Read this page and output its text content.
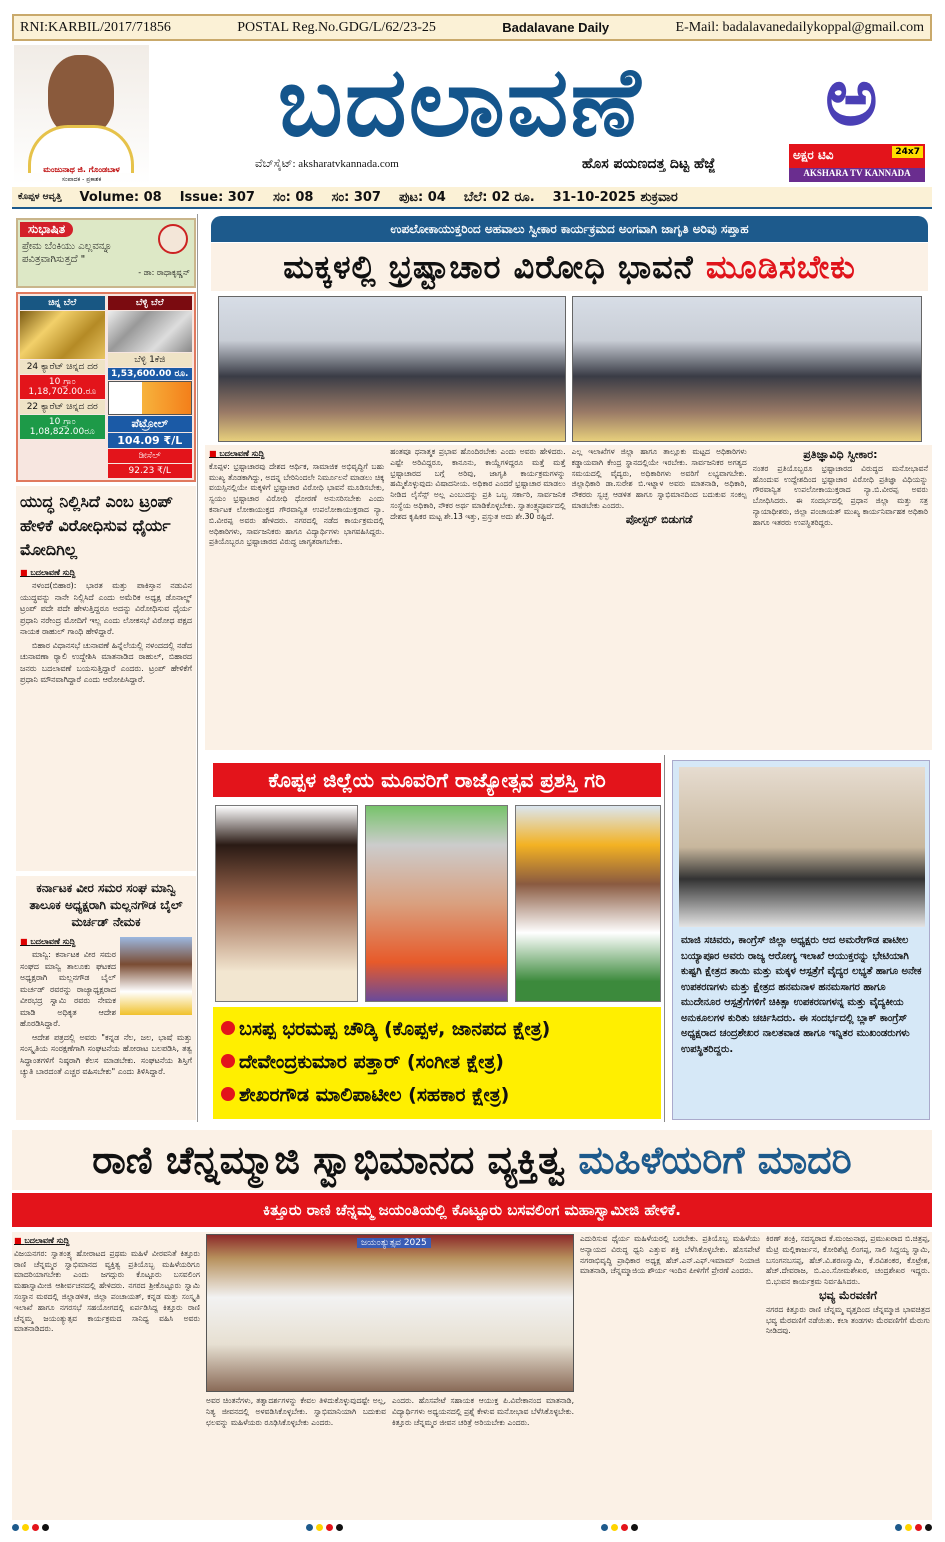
RNI:KARBIL/2017/71856	POSTAL Reg.No.GDG/L/62/23-25	Badalavane Daily	E-Mail: badalavanedailykoppal@gmail.com
ಮಂಜುನಾಥ ಜಿ. ಗೊಂಡಬಾಳ
ಸಂಪಾದಕ - ಪ್ರಕಾಶಕ
ಬದಲಾವಣೆ
ವೆಬ್‌ಸೈಟ್: aksharatvkannada.com	ಹೊಸ ಪಯಣದತ್ತ ದಿಟ್ಟ ಹೆಜ್ಜೆ
ಅ
ಅಕ್ಷರ ಟಿವಿ	24x7
AKSHARA TV KANNADA
ಕೊಪ್ಪಳ ಆವೃತ್ತಿ Volume: 08 Issue: 307 ಸಂ: 08 ಸಂ: 307 ಪುಟ: 04 ಬೆಲೆ: 02 ರೂ. 31-10-2025 ಶುಕ್ರವಾರ
ಸುಭಾಷಿತ
ಪ್ರೇಮ ಬೆಂಕಿಯು ಎಲ್ಲವನ್ನೂ ಪವಿತ್ರವಾಗಿಸುತ್ತದೆ "
- ಡಾ: ರಾಧಾಕೃಷ್ಣನ್
ಚಿನ್ನ ಬೆಲೆ
24 ಕ್ಯಾರೆಟ್ ಚಿನ್ನದ ದರ
10 ಗ್ರಾಂ 1,18,702.00.ರೂ
22 ಕ್ಯಾರೆಟ್ ಚಿನ್ನದ ದರ
10 ಗ್ರಾಂ 1,08,822.00ರೂ
ಬೆಳ್ಳಿ ಬೆಲೆ
ಬೆಳ್ಳಿ 1ಕೆಜಿ
1,53,600.00 ರೂ.
ಪೆಟ್ರೋಲ್
104.09 ₹/L
ಡೀಸೆಲ್
92.23 ₹/L
ಯುದ್ಧ ನಿಲ್ಲಿಸಿದೆ ಎಂಬ ಟ್ರಂಪ್ ಹೇಳಿಕೆ ವಿರೋಧಿಸುವ ಧೈರ್ಯ ಮೋದಿಗಿಲ್ಲ
■ ಬದಲಾವಣೆ ಸುದ್ದಿ

ನಳಂದ(ಬಿಹಾರ): ಭಾರತ ಮತ್ತು ಪಾಕಿಸ್ತಾನ ನಡುವಿನ ಯುದ್ಧವನ್ನು ನಾನೇ ನಿಲ್ಲಿಸಿದೆ ಎಂದು ಅಮೆರಿಕ ಅಧ್ಯಕ್ಷ ಡೊನಾಲ್ಡ್ ಟ್ರಂಪ್ ಪದೇ ಪದೇ ಹೇಳುತ್ತಿದ್ದರೂ ಅದನ್ನು ವಿರೋಧಿಸುವ ಧೈರ್ಯ ಪ್ರಧಾನಿ ನರೇಂದ್ರ ಮೋದಿಗೆ ಇಲ್ಲ ಎಂದು ಲೋಕಸಭೆ ವಿರೋಧ ಪಕ್ಷದ ನಾಯಕ ರಾಹುಲ್ ಗಾಂಧಿ ಹೇಳಿದ್ದಾರೆ.

ಬಿಹಾರ ವಿಧಾನಸಭೆ ಚುನಾವಣೆ ಹಿನ್ನೆಲೆಯಲ್ಲಿ ನಳಂದದಲ್ಲಿ ನಡೆದ ಚುನಾವಣಾ ರ್‍ಯಾಲಿ ಉದ್ದೇಶಿಸಿ ಮಾತನಾಡಿದ ರಾಹುಲ್, ಬಿಹಾರದ ಜನರು ಬದಲಾವಣೆ ಬಯಸುತ್ತಿದ್ದಾರೆ ಎಂದರು. ಟ್ರಂಪ್ ಹೇಳಿಕೆಗೆ ಪ್ರಧಾನಿ ಮೌನವಾಗಿದ್ದಾರೆ ಎಂದು ಆರೋಪಿಸಿದ್ದಾರೆ.

ಕರ್ನಾಟಕ ವೀರ ಸಮರ ಸಂಘ ಮಾನ್ವಿ ತಾಲೂಕ ಅಧ್ಯಕ್ಷರಾಗಿ ಮಲ್ಲನಗೌಡ ಬೈಲ್ ಮರ್ಚಡ್ ನೇಮಕ
■ ಬದಲಾವಣೆ ಸುದ್ದಿ

ಮಾನ್ವಿ: ಕರ್ನಾಟಕ ವೀರ ಸಮರ ಸಂಘದ ಮಾನ್ವಿ ತಾಲೂಕು ಘಟಕದ ಅಧ್ಯಕ್ಷರಾಗಿ ಮಲ್ಲನಗೌಡ ಬೈಲ್ ಮರ್ಚಡ್ ರವರನ್ನು ರಾಜ್ಯಾಧ್ಯಕ್ಷರಾದ ವೀರಭದ್ರ ಸ್ವಾಮಿ ರವರು ನೇಮಕ ಮಾಡಿ ಅಧಿಕೃತ ಆದೇಶ ಹೊರಡಿಸಿದ್ದಾರೆ.

ಆದೇಶ ಪತ್ರದಲ್ಲಿ ಅವರು "ಕನ್ನಡ ನೆಲ, ಜಲ, ಭಾಷೆ ಮತ್ತು ಸಂಸ್ಕೃತಿಯ ಸಂರಕ್ಷಣೆಗಾಗಿ ಸಂಘಟನೆಯ ಹೋರಾಟ ಬಲಪಡಿಸಿ, ತತ್ವ ಸಿದ್ಧಾಂತಗಳಿಗೆ ನಿಷ್ಠರಾಗಿ ಕೆಲಸ ಮಾಡಬೇಕು. ಸಂಘಟನೆಯ ಶಿಸ್ತಿಗೆ ಚ್ಯುತಿ ಬಾರದಂತೆ ಎಚ್ಚರ ವಹಿಸಬೇಕು" ಎಂದು ತಿಳಿಸಿದ್ದಾರೆ.

ಉಪಲೋಕಾಯುಕ್ತರಿಂದ ಅಹವಾಲು ಸ್ವೀಕಾರ ಕಾರ್ಯಕ್ರಮದ ಅಂಗವಾಗಿ ಜಾಗೃತಿ ಅರಿವು ಸಪ್ತಾಹ
ಮಕ್ಕಳಲ್ಲಿ ಭ್ರಷ್ಟಾಚಾರ ವಿರೋಧಿ ಭಾವನೆ ಮೂಡಿಸಬೇಕು
■ ಬದಲಾವಣೆ ಸುದ್ದಿ
ಕೊಪ್ಪಳ: ಭ್ರಷ್ಟಾಚಾರವು ದೇಶದ ಆರ್ಥಿಕ, ಸಾಮಾಜಿಕ ಅಭಿವೃದ್ಧಿಗೆ ಬಹು ಮುಖ್ಯ ತೊಡಕಾಗಿದ್ದು, ಅದನ್ನ ಬೇರಿನಿಂದಲೇ ನಿರ್ಮೂಲನೆ ಮಾಡಲು ಚಿಕ್ಕ ವಯಸ್ಸಿನಲ್ಲಿಯೇ ಮಕ್ಕಳಿಗೆ ಭ್ರಷ್ಟಾಚಾರ ವಿರೋಧಿ ಭಾವನೆ ಮೂಡಿಸಬೇಕು, ಸ್ವಯಂ ಭ್ರಷ್ಟಾಚಾರ ವಿರೋಧಿ ಧೋರಣೆ ಅನುಸರಿಸಬೇಕು ಎಂದು ಕರ್ನಾಟಕ ಲೋಕಾಯುಕ್ತದ ಗೌರವಾನ್ವಿತ ಉಪಲೋಕಾಯುಕ್ತರಾದ ನ್ಯಾ. ಬಿ.ವೀರಪ್ಪ ಅವರು ಹೇಳಿದರು. ನಗರದಲ್ಲಿ ನಡೆದ ಕಾರ್ಯಕ್ರಮದಲ್ಲಿ ಅಧಿಕಾರಿಗಳು, ಸಾರ್ವಜನಿಕರು ಹಾಗೂ ವಿದ್ಯಾರ್ಥಿಗಳು ಭಾಗವಹಿಸಿದ್ದರು. ಪ್ರತಿಯೊಬ್ಬರೂ ಭ್ರಷ್ಟಾಚಾರದ ವಿರುದ್ಧ ಜಾಗೃತರಾಗಬೇಕು.
ಹಂತವೂ ಧನಾತ್ಮಕ ಪ್ರಭಾವ ಹೊಂದಿರಬೇಕು ಎಂದು ಅವರು ಹೇಳಿದರು. ಎಷ್ಟೇ ಅರಿವಿದ್ದರೂ, ಕಾನೂನು, ಕಾಯ್ದೆಗಳಿದ್ದರೂ ಮತ್ತೆ ಮತ್ತೆ ಭ್ರಷ್ಟಾಚಾರದ ಬಗ್ಗೆ ಅರಿವು, ಜಾಗೃತಿ ಕಾರ್ಯಕ್ರಮಗಳನ್ನು ಹಮ್ಮಿಕೊಳ್ಳುವುದು ವಿಷಾದನೀಯ. ಅಧಿಕಾರ ಎಂದರೆ ಭ್ರಷ್ಟಾಚಾರ ಮಾಡಲು ನೀಡಿದ ಲೈಸೆನ್ಸ್ ಅಲ್ಲ ಎಂಬುದನ್ನು ಪ್ರತಿ ಒಬ್ಬ ಸರ್ಕಾರಿ, ಸಾರ್ವಜನಿಕ ಸಂಸ್ಥೆಯ ಅಧಿಕಾರಿ, ನೌಕರ ಅರ್ಥ ಮಾಡಿಕೊಳ್ಳಬೇಕು. ಸ್ವಾತಂತ್ರ್ಯಪೂರ್ವದಲ್ಲಿ ದೇಶದ ಕೃಷಿಕರ ಮಟ್ಟ ಶೇ.13 ಇತ್ತು, ಪ್ರಸ್ತುತ ಅದು ಶೇ.30 ರಷ್ಟಿದೆ.
ಎಲ್ಲ ಇಲಾಖೆಗಳ ಜಿಲ್ಲಾ ಹಾಗೂ ತಾಲ್ಲೂಕು ಮಟ್ಟದ ಅಧಿಕಾರಿಗಳು ಕಡ್ಡಾಯವಾಗಿ ಕೇಂದ್ರ ಸ್ಥಾನದಲ್ಲಿಯೇ ಇರಬೇಕು. ಸಾರ್ವಜನಿಕರ ಅಗತ್ಯದ ಸಮಯದಲ್ಲಿ ವೈದ್ಯರು, ಅಧಿಕಾರಿಗಳು ಅವರಿಗೆ ಲಭ್ಯವಾಗಬೇಕು. ಜಿಲ್ಲಾಧಿಕಾರಿ ಡಾ.ಸುರೇಶ ಬಿ.ಇಟ್ನಾಳ ಅವರು ಮಾತನಾಡಿ, ಅಧಿಕಾರಿ, ನೌಕರರು ಸ್ವಚ್ಛ ಆಡಳಿತ ಹಾಗೂ ಸ್ವಾಭಿಮಾನದಿಂದ ಬದುಕುವ ಸಂಕಲ್ಪ ಮಾಡಬೇಕು ಎಂದರು.
ಪೋಸ್ಟರ್ ಬಿಡುಗಡೆ
ಪ್ರತಿಜ್ಞಾವಿಧಿ ಸ್ವೀಕಾರ:
ನಂತರ ಪ್ರತಿಯೊಬ್ಬರೂ ಭ್ರಷ್ಟಾಚಾರದ ವಿರುದ್ಧದ ಮನೋಭಾವನೆ ಹೊಂದುವ ಉದ್ದೇಶದಿಂದ ಭ್ರಷ್ಟಾಚಾರ ವಿರೋಧಿ ಪ್ರತಿಜ್ಞಾ ವಿಧಿಯನ್ನು ಗೌರವಾನ್ವಿತ ಉಪಲೋಕಾಯುಕ್ತರಾದ ನ್ಯಾ.ಬಿ.ವೀರಪ್ಪ ಅವರು ಬೋಧಿಸಿದರು. ಈ ಸಂದರ್ಭದಲ್ಲಿ ಪ್ರಧಾನ ಜಿಲ್ಲಾ ಮತ್ತು ಸತ್ರ ನ್ಯಾಯಾಧೀಶರು, ಜಿಲ್ಲಾ ಪಂಚಾಯತ್ ಮುಖ್ಯ ಕಾರ್ಯನಿರ್ವಾಹಕ ಅಧಿಕಾರಿ ಹಾಗೂ ಇತರರು ಉಪಸ್ಥಿತರಿದ್ದರು.
ಕೊಪ್ಪಳ ಜಿಲ್ಲೆಯ ಮೂವರಿಗೆ ರಾಜ್ಯೋತ್ಸವ ಪ್ರಶಸ್ತಿ ಗರಿ
ಬಸಪ್ಪ ಭರಮಪ್ಪ ಚೌಡ್ಕಿ (ಕೊಪ್ಪಳ, ಜಾನಪದ ಕ್ಷೇತ್ರ)
ದೇವೇಂದ್ರಕುಮಾರ ಪತ್ತಾರ್ (ಸಂಗೀತ ಕ್ಷೇತ್ರ)
ಶೇಖರಗೌಡ ಮಾಲಿಪಾಟೀಲ (ಸಹಕಾರ ಕ್ಷೇತ್ರ)
ಮಾಜಿ ಸಚಿವರು, ಕಾಂಗ್ರೆಸ್ ಜಿಲ್ಲಾ ಅಧ್ಯಕ್ಷರು ಆದ ಅಮರೇಗೌಡ ಪಾಟೀಲ ಬಯ್ಯಾಪೂರ ಅವರು ರಾಜ್ಯ ಆರೋಗ್ಯ ಇಲಾಖೆ ಆಯುಕ್ತರನ್ನು ಭೇಟಿಯಾಗಿ ಕುಷ್ಟಗಿ ಕ್ಷೇತ್ರದ ತಾಯಿ ಮತ್ತು ಮಕ್ಕಳ ಆಸ್ಪತ್ರೆಗೆ ವೈದ್ಯರ ಲಭ್ಯತೆ ಹಾಗೂ ಅನೇಕ ಉಪಕರಣಗಳು ಮತ್ತು ಕ್ಷೇತ್ರದ ಹನಮನಾಳ ಹನಮಸಾಗರ ಹಾಗೂ ಮುದೇನೂರ ಆಸ್ಪತ್ರೆಗೆಗಳಿಗೆ ಚಿಕಿತ್ಸಾ ಉಪಕರಣಗಳನ್ನ ಮತ್ತು ವೈದ್ಯಕೀಯ ಅನುಕೂಲಗಳ ಕುರಿತು ಚರ್ಚಿಸಿದರು. ಈ ಸಂದರ್ಭದಲ್ಲಿ ಬ್ಲಾಕ್ ಕಾಂಗ್ರೆಸ್ ಅಧ್ಯಕ್ಷರಾದ ಚಂದ್ರಶೇಖರ ನಾಲತವಾಡ ಹಾಗೂ ಇನ್ನಿತರ ಮುಖಂಡರುಗಳು ಉಪಸ್ಥಿತರಿದ್ದರು.
ರಾಣಿ ಚೆನ್ನಮ್ಮಾಜಿ ಸ್ವಾಭಿಮಾನದ ವ್ಯಕ್ತಿತ್ವ ಮಹಿಳೆಯರಿಗೆ ಮಾದರಿ
ಕಿತ್ತೂರು ರಾಣಿ ಚೆನ್ನಮ್ಮ ಜಯಂತಿಯಲ್ಲಿ ಕೊಟ್ಟೂರು ಬಸವಲಿಂಗ ಮಹಾಸ್ವಾಮೀಜಿ ಹೇಳಿಕೆ.
■ ಬದಲಾವಣೆ ಸುದ್ದಿ
ವಿಜಯನಗರ: ಸ್ವಾತಂತ್ರ್ಯ ಹೋರಾಟದ ಪ್ರಥಮ ಮಹಿಳೆ ವೀರವನಿತೆ ಕಿತ್ತೂರು ರಾಣಿ ಚೆನ್ನಮ್ಮರ ಸ್ವಾಭಿಮಾನದ ವ್ಯಕ್ತಿತ್ವ ಪ್ರತಿಯೊಬ್ಬ ಮಹಿಳೆಯರಿಗೂ ಮಾದರಿಯಾಗಬೇಕು ಎಂದು ಜಗದ್ಗುರು ಕೊಟ್ಟೂರು ಬಸವಲಿಂಗ ಮಹಾಸ್ವಾಮೀಜಿ ಆಶೀರ್ವಚನದಲ್ಲಿ ಹೇಳಿದರು. ನಗರದ ಶ್ರೀಕೊಟ್ಟೂರು ಸ್ವಾಮಿ ಸಂಸ್ಥಾನ ಮಠದಲ್ಲಿ ಜಿಲ್ಲಾಡಳಿತ, ಜಿಲ್ಲಾ ಪಂಚಾಯತ್, ಕನ್ನಡ ಮತ್ತು ಸಂಸ್ಕೃತಿ ಇಲಾಖೆ ಹಾಗೂ ನಗರಸಭೆ ಸಹಯೋಗದಲ್ಲಿ ಏರ್ಪಡಿಸಿದ್ದ ಕಿತ್ತೂರು ರಾಣಿ ಚೆನ್ನಮ್ಮ ಜಯಂತ್ಯುತ್ಸವ ಕಾರ್ಯಕ್ರಮದ ಸಾನಿಧ್ಯ ವಹಿಸಿ ಅವರು ಮಾತನಾಡಿದರು.
ಜಯಂತ್ಯುತ್ಸವ 2025
ಅವರ ಚಿಂತನೆಗಳು, ತತ್ವಾದರ್ಶಗಳನ್ನು ಕೇವಲ ತಿಳಿದುಕೊಳ್ಳುವುದಷ್ಟೇ ಅಲ್ಲ, ನಿತ್ಯ ಜೀವನದಲ್ಲಿ ಅಳವಡಿಸಿಕೊಳ್ಳಬೇಕು. ಸ್ವಾಭಿಮಾನಿಯಾಗಿ ಬದುಕುವ ಛಲವನ್ನು ಮಹಿಳೆಯರು ರೂಢಿಸಿಕೊಳ್ಳಬೇಕು ಎಂದರು.
ಎಂದರು. ಹೊಸಪೇಟೆ ಸಹಾಯಕ ಆಯುಕ್ತ ಪಿ.ವಿವೇಕಾನಂದ ಮಾತನಾಡಿ, ವಿದ್ಯಾರ್ಥಿಗಳು ಅಧ್ಯಯನದಲ್ಲಿ ಪ್ರಶ್ನೆ ಕೇಳುವ ಮನೋಭಾವ ಬೆಳೆಸಿಕೊಳ್ಳಬೇಕು. ಕಿತ್ತೂರು ಚೆನ್ನಮ್ಮರ ಜೀವನ ಚರಿತ್ರೆ ಅರಿಯಬೇಕು ಎಂದರು.
ಎದುರಿಸುವ ಧೈರ್ಯ ಮಹಿಳೆಯರಲ್ಲಿ ಬರಬೇಕು. ಪ್ರತಿಯೊಬ್ಬ ಮಹಿಳೆಯು ಅನ್ಯಾಯದ ವಿರುದ್ಧ ಧ್ವನಿ ಎತ್ತುವ ಶಕ್ತಿ ಬೆಳೆಸಿಕೊಳ್ಳಬೇಕು. ಹೊಸಪೇಟೆ ನಗರಾಭಿವೃದ್ಧಿ ಪ್ರಾಧಿಕಾರ ಅಧ್ಯಕ್ಷ ಹೆಚ್.ಎನ್.ಎಫ್.ಇಮಾಮ್ ನಿಯಾಜಿ ಮಾತನಾಡಿ, ಚೆನ್ನಮ್ಮಾಜಿಯ ಶೌರ್ಯ ಇಂದಿನ ಪೀಳಿಗೆಗೆ ಪ್ರೇರಣೆ ಎಂದರು.
ಕಿರಣ್ ಶಂಕ್ರಿ, ಸದಸ್ಯರಾದ ಕೆ.ಮಂಜುನಾಥ, ಪ್ರಮುಖರಾದ ಬಿ.ಚಿತ್ರಪ್ಪ, ಮೆಟ್ರಿ ಮಲ್ಲಿಕಾರ್ಜುನ, ಕೋರಿಶೆಟ್ಟಿ ಲಿಂಗಪ್ಪ, ಸಾಲಿ ಸಿದ್ದಯ್ಯ ಸ್ವಾಮಿ, ಬಸಂಗನಬಸಪ್ಪ, ಹೆಚ್.ವಿ.ಶರಣಸ್ವಾಮಿ, ಕೆ.ರವಿಶಂಕರ, ಕೊಟ್ರೇಶ, ಹೆಚ್.ದೇವರಾಜ, ಬಿ.ಎಂ.ಸೋಮಶೇಖರ, ಚಂದ್ರಶೇಖರ ಇದ್ದರು. ಬಿ.ಭುವನ ಕಾರ್ಯಕ್ರಮ ನಿರ್ವಹಿಸಿದರು.
ಭವ್ಯ ಮೆರವಣಿಗೆ
ನಗರದ ಕಿತ್ತೂರು ರಾಣಿ ಚೆನ್ನಮ್ಮ ವೃತ್ತದಿಂದ ಚೆನ್ನಮ್ಮಾಜಿ ಭಾವಚಿತ್ರದ ಭವ್ಯ ಮೆರವಣಿಗೆ ನಡೆಯಿತು. ಕಲಾ ತಂಡಗಳು ಮೆರವಣಿಗೆಗೆ ಮೆರುಗು ನೀಡಿದವು.
